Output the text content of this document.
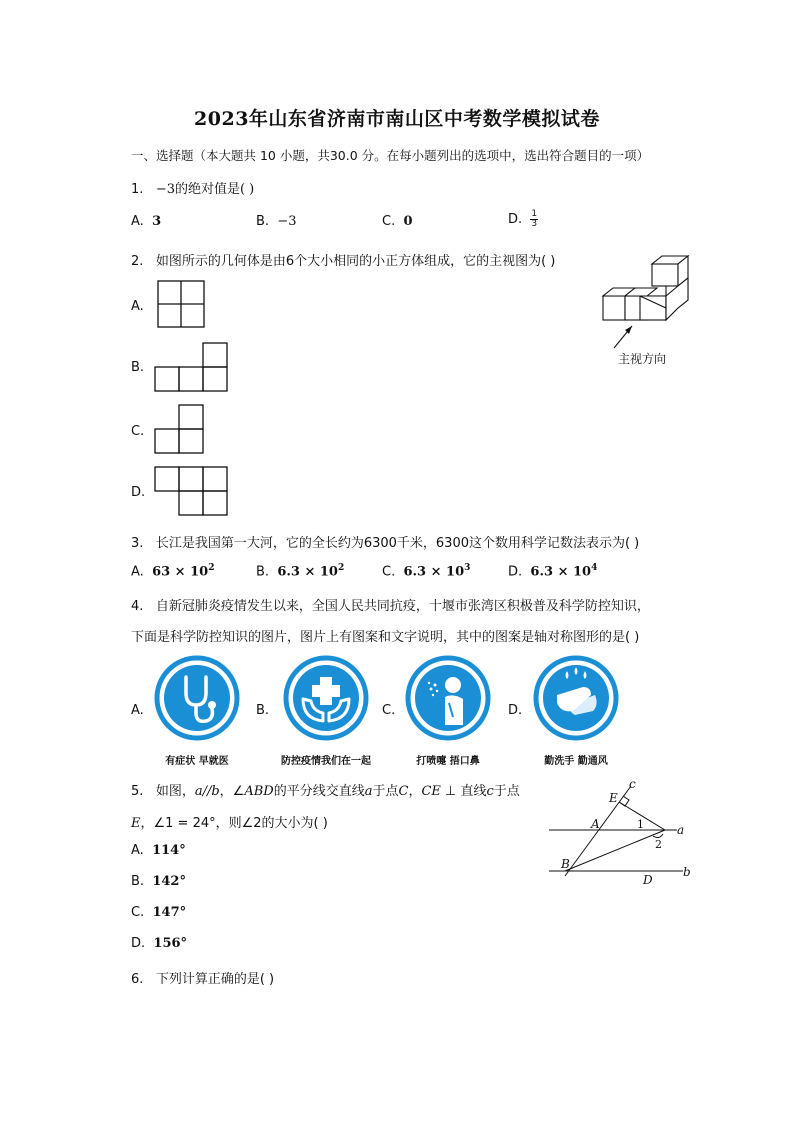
2023年山东省济南市南山区中考数学模拟试卷
一、选择题（本大题共 10 小题，共30.0 分。在每小题列出的选项中，选出符合题目的一项）
1. −3的绝对值是( )
A. 3	B. −3	C. 0	D. $\frac{1}{3}$
2. 如图所示的几何体是由6个大小相同的小正方体组成，它的主视图为( )
主视方向
A.
B.
C.
D.
3. 长江是我国第一大河，它的全长约为6300千米，6300这个数用科学记数法表示为( )
A. $63 \times 10^2$	B. $6.3 \times 10^2$	C. $6.3 \times 10^3$	D. $6.3 \times 10^4$
4. 自新冠肺炎疫情发生以来，全国人民共同抗疫，十堰市张湾区积极普及科学防控知识，
下面是科学防控知识的图片，图片上有图案和文字说明，其中的图案是轴对称图形的是( )
A.
有症状 早就医
B.
防控疫情我们在一起
C.
打喷嚏 捂口鼻
D.
勤洗手 勤通风
5. 如图，a//b，∠ABD的平分线交直线a于点C，CE ⊥ 直线c于点
E，∠1 = 24°，则∠2的大小为( )
c
E
A	a
B
D
b
1
2
A. 114°
B. 142°
C. 147°
D. 156°
6. 下列计算正确的是( )
